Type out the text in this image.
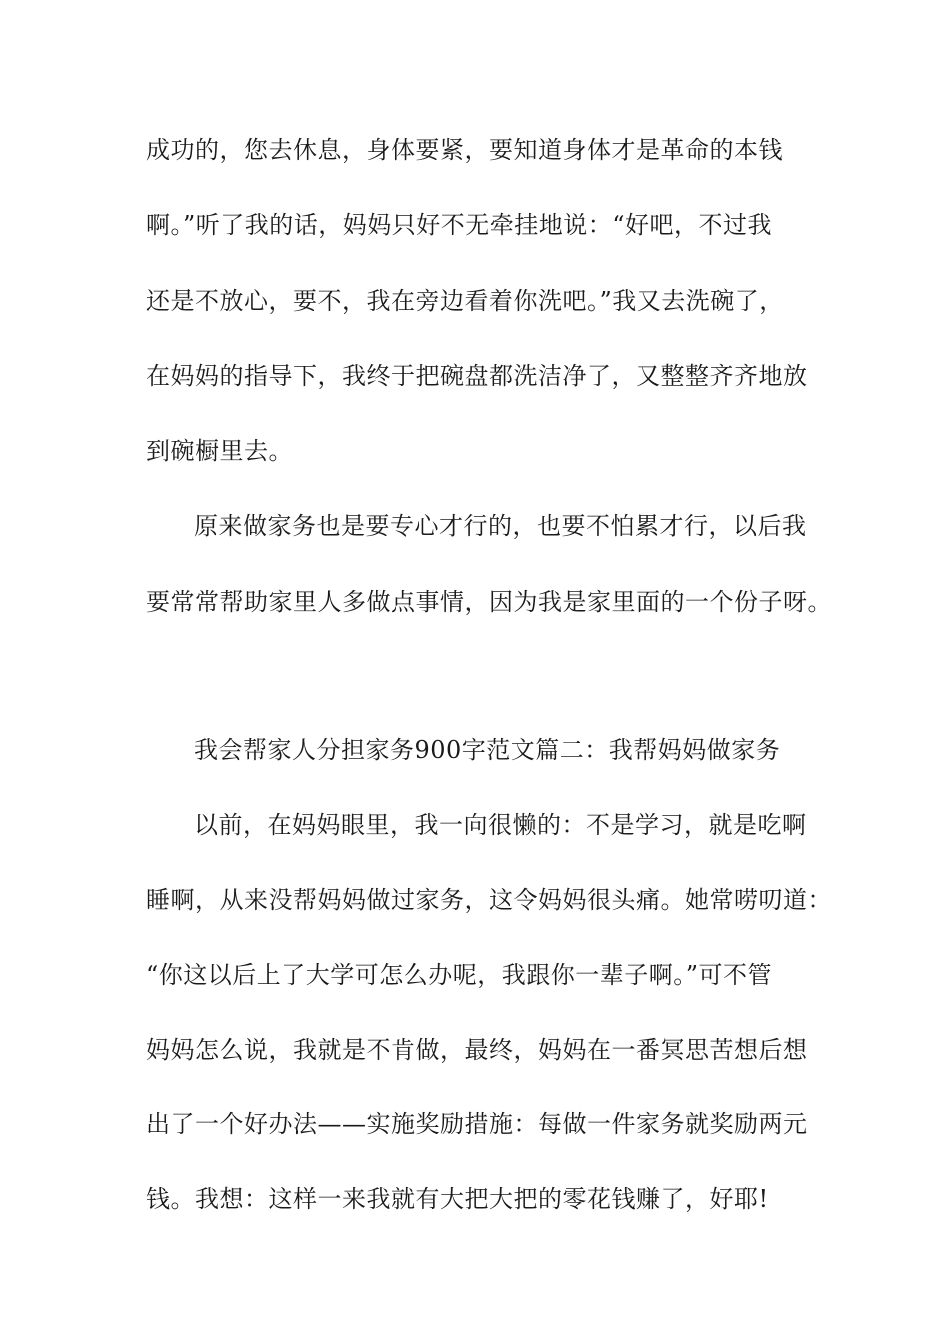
成功的，您去休息，身体要紧，要知道身体才是革命的本钱
啊。”听了我的话，妈妈只好不无牵挂地说：“好吧，不过我
还是不放心，要不，我在旁边看着你洗吧。”我又去洗碗了，
在妈妈的指导下，我终于把碗盘都洗洁净了，又整整齐齐地放
到碗橱里去。
原来做家务也是要专心才行的，也要不怕累才行，以后我
要常常帮助家里人多做点事情，因为我是家里面的一个份子呀。
我会帮家人分担家务900字范文篇二：我帮妈妈做家务
以前，在妈妈眼里，我一向很懒的：不是学习，就是吃啊
睡啊，从来没帮妈妈做过家务，这令妈妈很头痛。她常唠叨道：
“你这以后上了大学可怎么办呢，我跟你一辈子啊。”可不管
妈妈怎么说，我就是不肯做，最终，妈妈在一番冥思苦想后想
出了一个好办法——实施奖励措施：每做一件家务就奖励两元
钱。我想：这样一来我就有大把大把的零花钱赚了，好耶!
